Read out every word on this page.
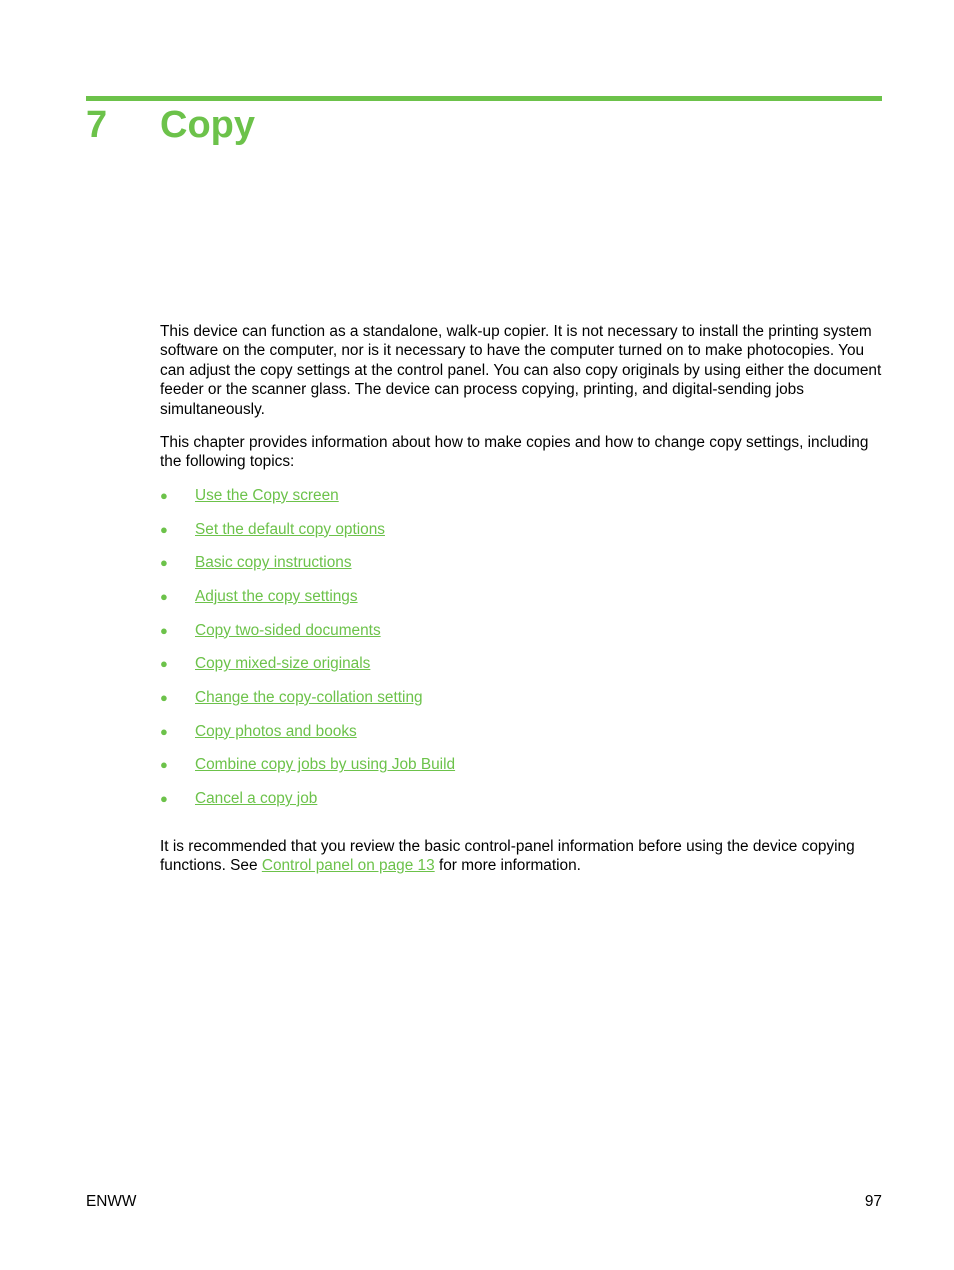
7 Copy

This device can function as a standalone, walk-up copier. It is not necessary to install the printing system software on the computer, nor is it necessary to have the computer turned on to make photocopies. You can adjust the copy settings at the control panel. You can also copy originals by using either the document feeder or the scanner glass. The device can process copying, printing, and digital-sending jobs simultaneously.

This chapter provides information about how to make copies and how to change copy settings, including the following topics:

● Use the Copy screen
● Set the default copy options
● Basic copy instructions
● Adjust the copy settings
● Copy two-sided documents
● Copy mixed-size originals
● Change the copy-collation setting
● Copy photos and books
● Combine copy jobs by using Job Build
● Cancel a copy job

It is recommended that you review the basic control-panel information before using the device copying functions. See Control panel on page 13 for more information.

ENWW	97
